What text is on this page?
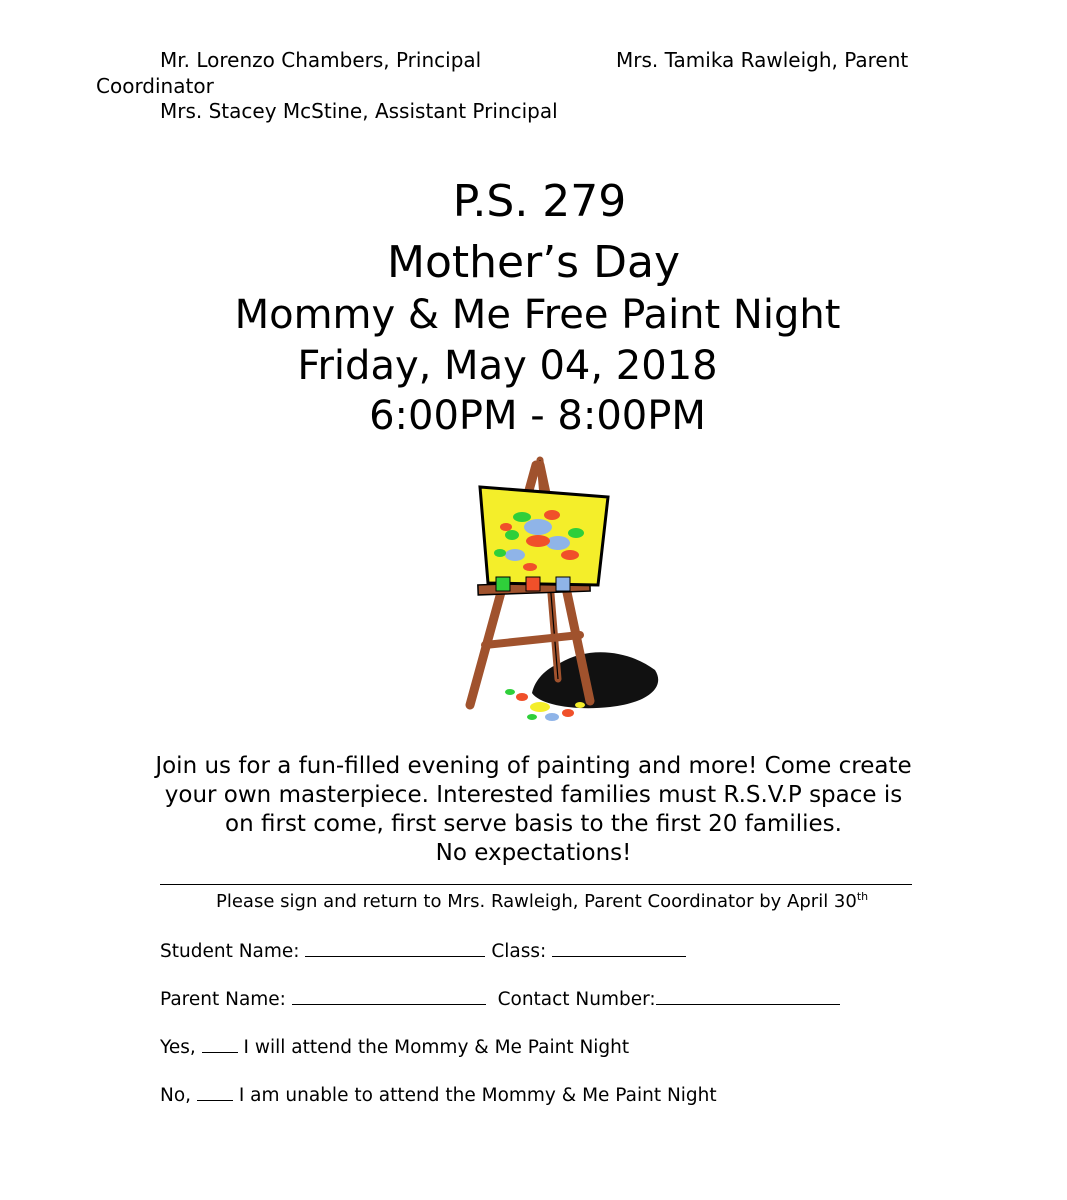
Mr. Lorenzo Chambers, Principal	Mrs. Tamika Rawleigh, Parent
Coordinator
Mrs. Stacey McStine, Assistant Principal
P.S. 279
Mother’s Day
Mommy & Me Free Paint Night
Friday, May 04, 2018
6:00PM - 8:00PM
Join us for a fun-filled evening of painting and more! Come create
your own masterpiece. Interested families must R.S.V.P space is
on first come, first serve basis to the first 20 families.
No expectations!
Please sign and return to Mrs. Rawleigh, Parent Coordinator by April 30th
Student Name:	Class:
Parent Name:	Contact Number:
Yes,	I will attend the Mommy & Me Paint Night
No,	I am unable to attend the Mommy & Me Paint Night
